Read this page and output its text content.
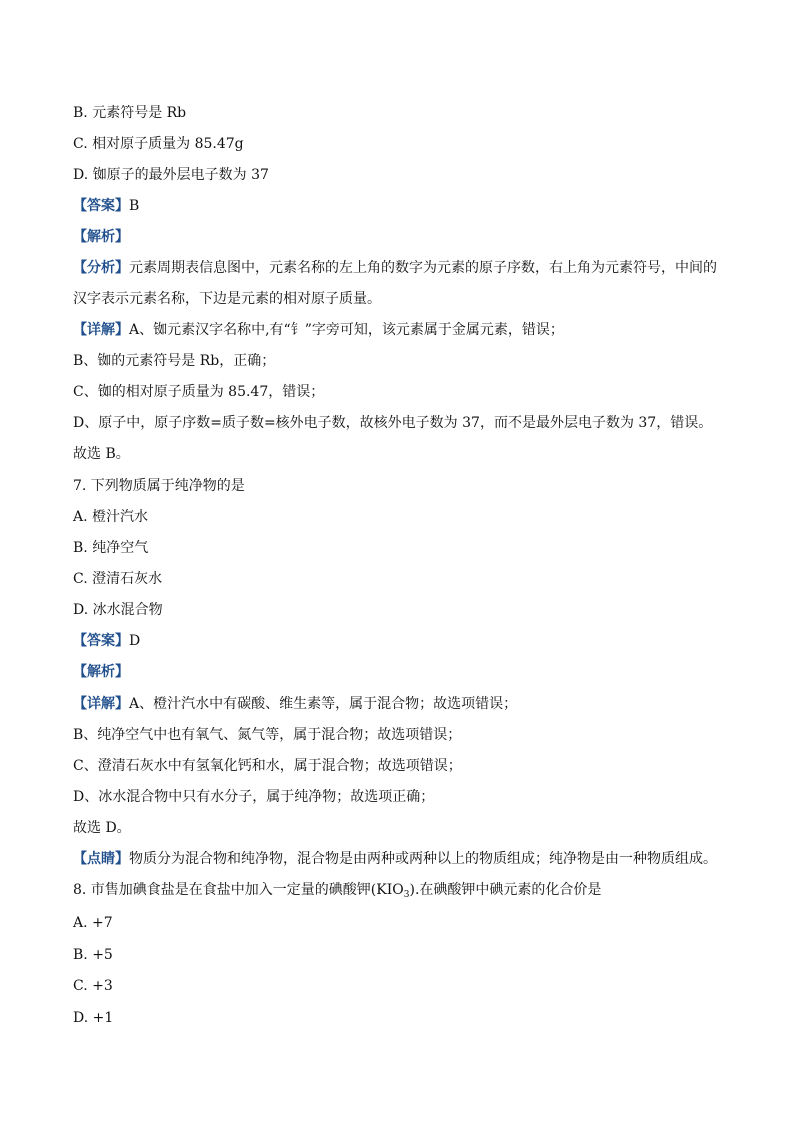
B. 元素符号是 Rb
C. 相对原子质量为 85.47g
D. 铷原子的最外层电子数为 37
【答案】B
【解析】
【分析】元素周期表信息图中，元素名称的左上角的数字为元素的原子序数，右上角为元素符号，中间的
汉字表示元素名称，下边是元素的相对原子质量。
【详解】A、铷元素汉字名称中,有“钅”字旁可知，该元素属于金属元素，错误；
B、铷的元素符号是 Rb，正确；
C、铷的相对原子质量为 85.47，错误；
D、原子中，原子序数=质子数=核外电子数，故核外电子数为 37，而不是最外层电子数为 37，错误。
故选 B。
7. 下列物质属于纯净物的是
A. 橙汁汽水
B. 纯净空气
C. 澄清石灰水
D. 冰水混合物
【答案】D
【解析】
【详解】A、橙汁汽水中有碳酸、维生素等，属于混合物；故选项错误；
B、纯净空气中也有氧气、氮气等，属于混合物；故选项错误；
C、澄清石灰水中有氢氧化钙和水，属于混合物；故选项错误；
D、冰水混合物中只有水分子，属于纯净物；故选项正确；
故选 D。
【点睛】物质分为混合物和纯净物，混合物是由两种或两种以上的物质组成；纯净物是由一种物质组成。
8. 市售加碘食盐是在食盐中加入一定量的碘酸钾$(KIO_3)$.在碘酸钾中碘元素的化合价是
A. +7
B. +5
C. +3
D. +1
